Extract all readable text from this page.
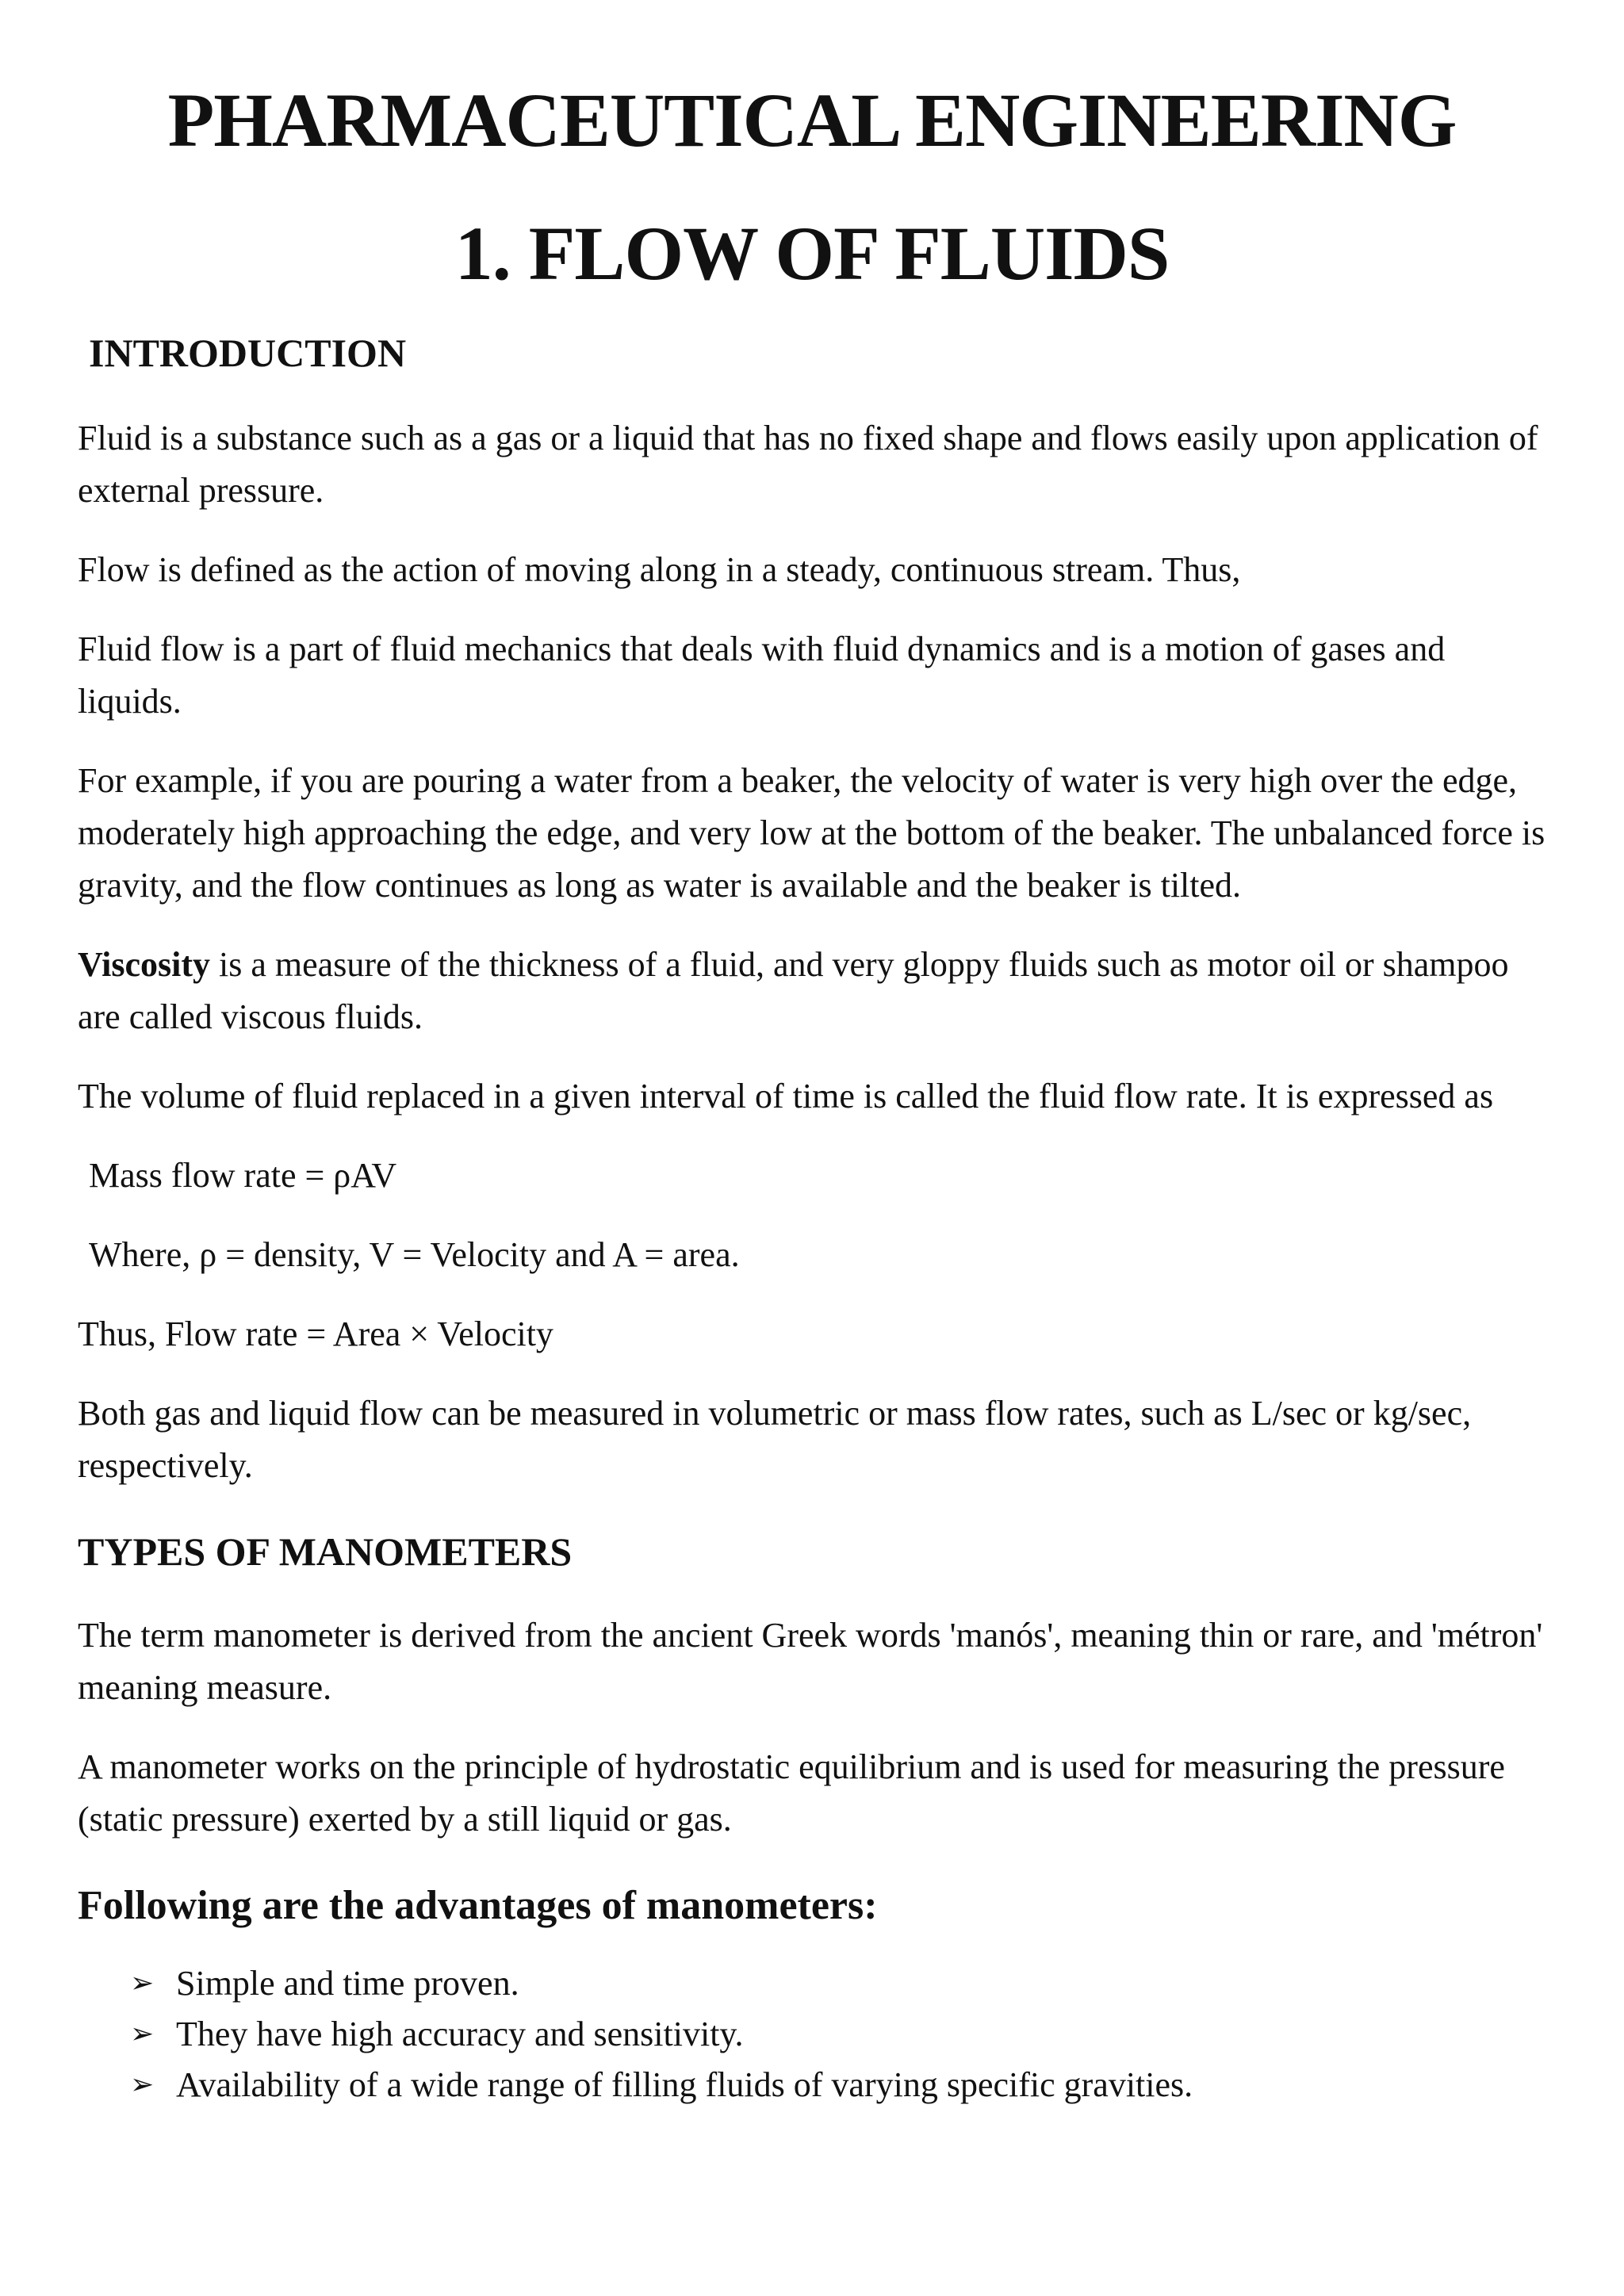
PHARMACEUTICAL ENGINEERING
1. FLOW OF FLUIDS
INTRODUCTION

Fluid is a substance such as a gas or a liquid that has no fixed shape and flows easily upon application of external pressure.

Flow is defined as the action of moving along in a steady, continuous stream. Thus,

Fluid flow is a part of fluid mechanics that deals with fluid dynamics and is a motion of gases and liquids.

For example, if you are pouring a water from a beaker, the velocity of water is very high over the edge, moderately high approaching the edge, and very low at the bottom of the beaker. The unbalanced force is gravity, and the flow continues as long as water is available and the beaker is tilted.

Viscosity is a measure of the thickness of a fluid, and very gloppy fluids such as motor oil or shampoo are called viscous fluids.

The volume of fluid replaced in a given interval of time is called the fluid flow rate. It is expressed as

Mass flow rate = ρAV

Where, ρ = density, V = Velocity and A = area.

Thus, Flow rate = Area × Velocity

Both gas and liquid flow can be measured in volumetric or mass flow rates, such as L/sec or kg/sec, respectively.

TYPES OF MANOMETERS

The term manometer is derived from the ancient Greek words 'manós', meaning thin or rare, and 'métron' meaning measure.

A manometer works on the principle of hydrostatic equilibrium and is used for measuring the pressure (static pressure) exerted by a still liquid or gas.

Following are the advantages of manometers:
➢ Simple and time proven.
➢ They have high accuracy and sensitivity.
➢ Availability of a wide range of filling fluids of varying specific gravities.
